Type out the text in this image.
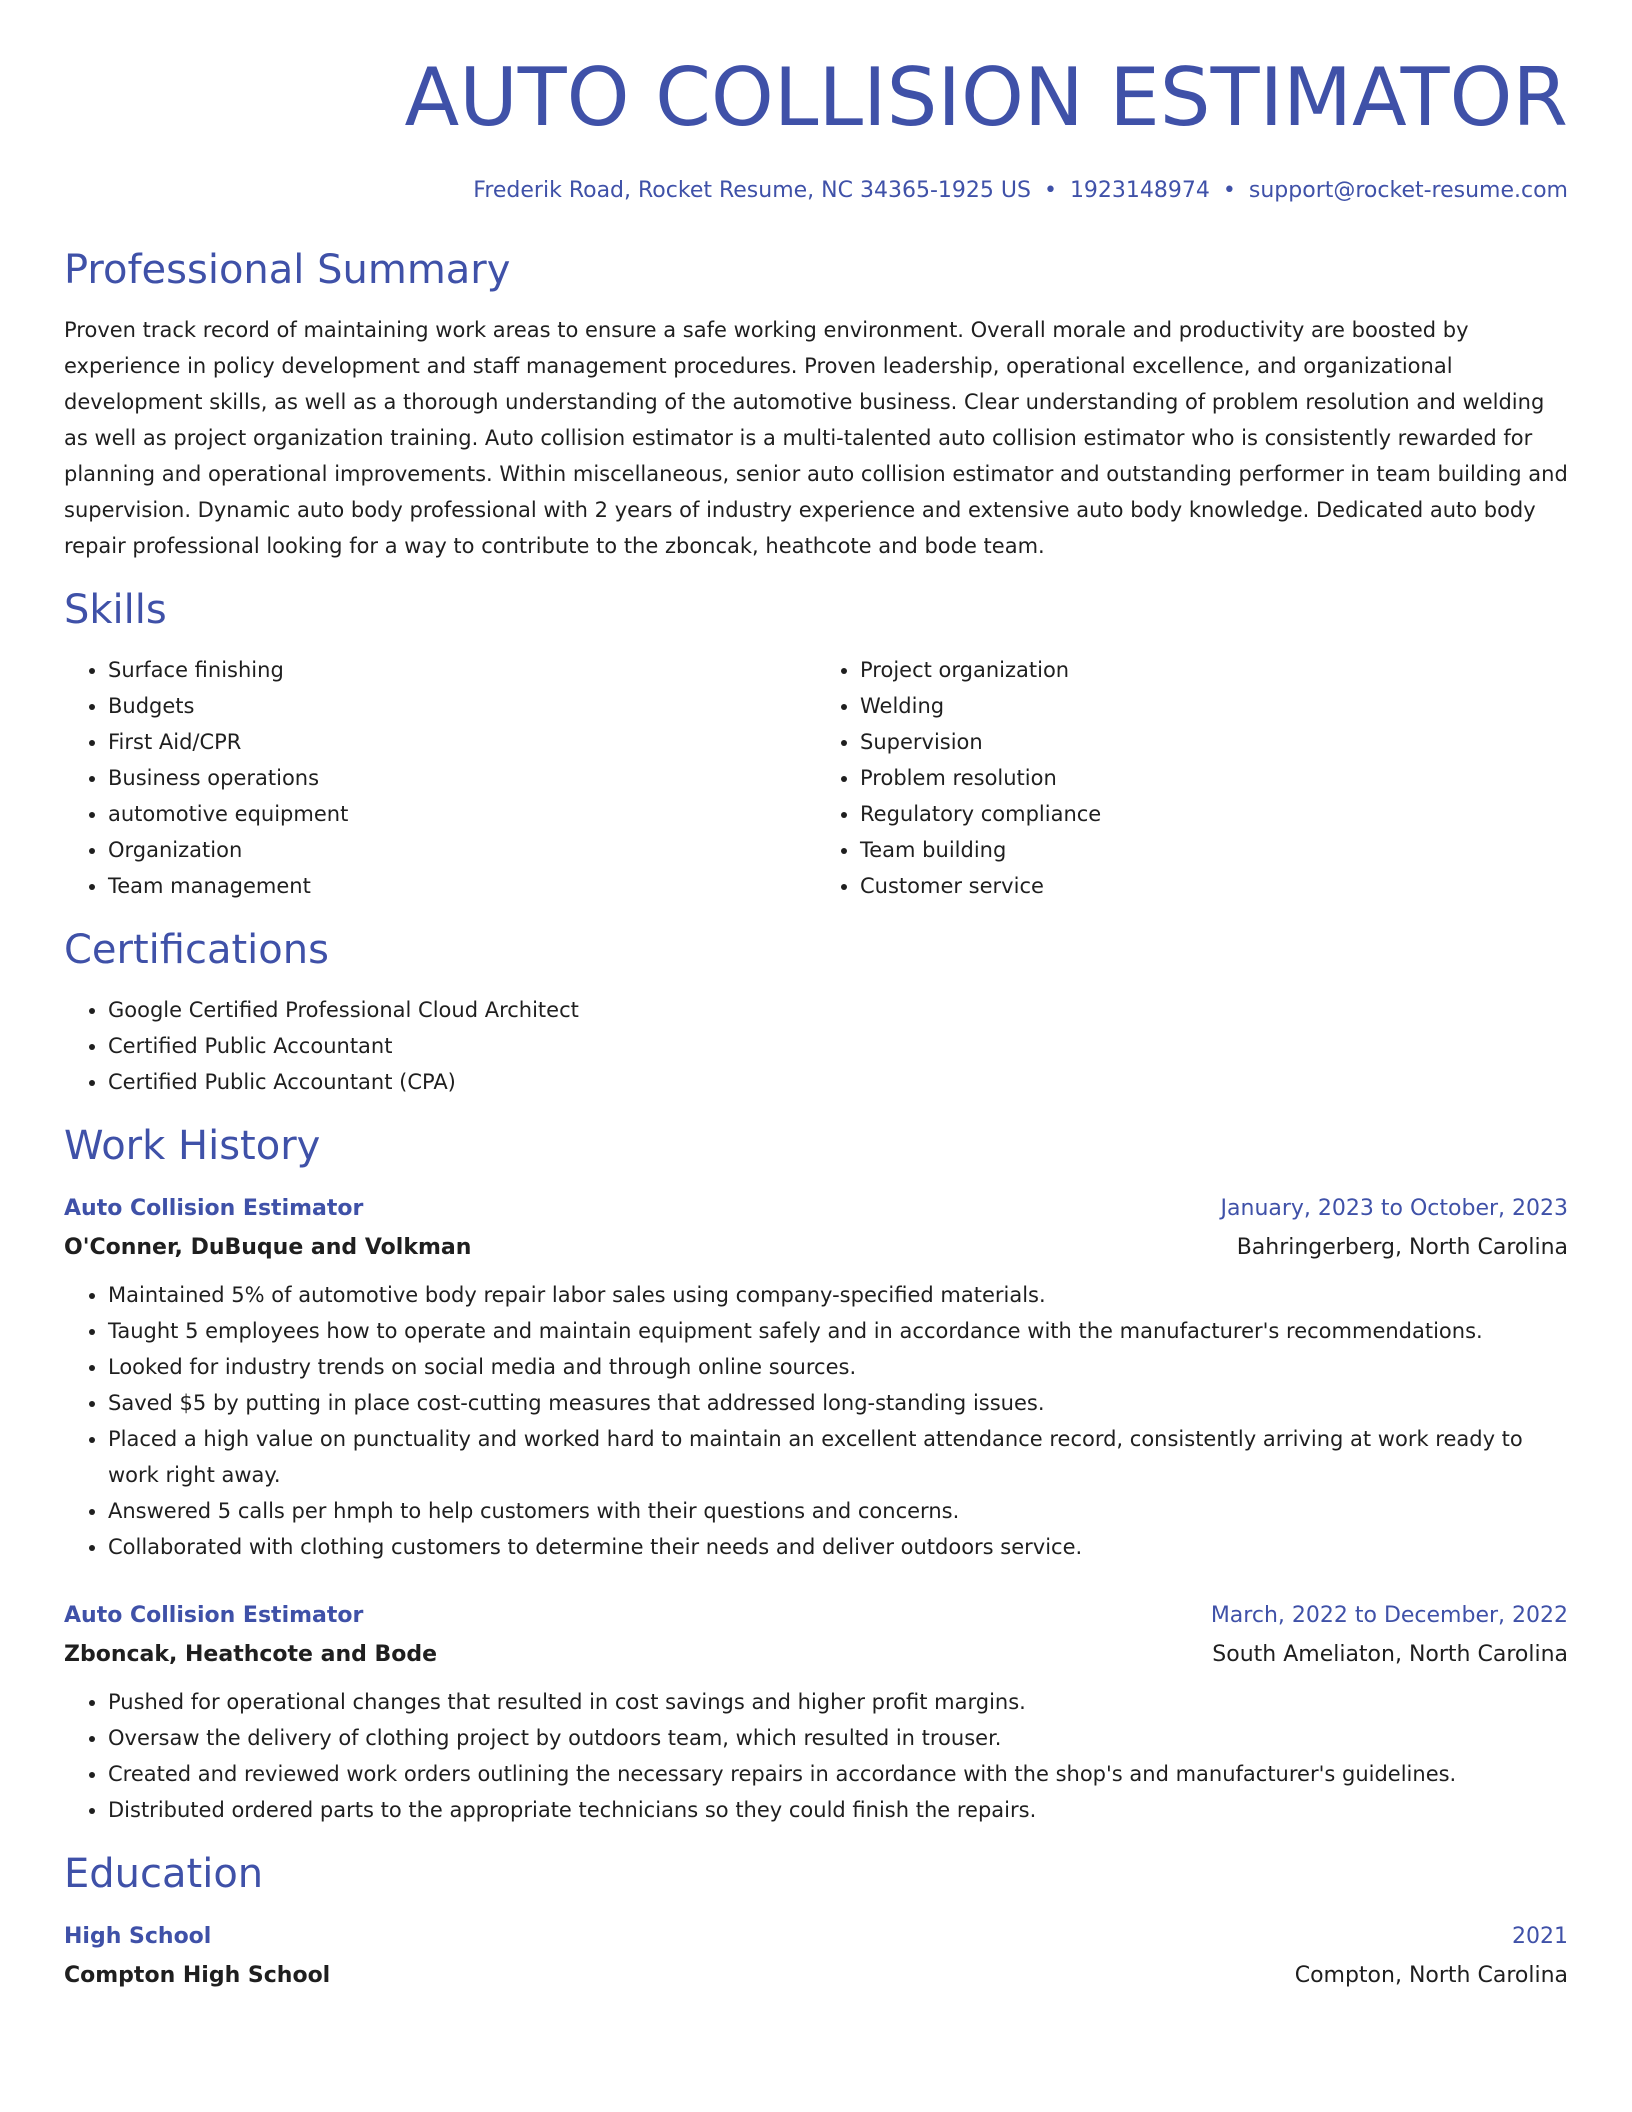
AUTO COLLISION ESTIMATOR
Frederik Road, Rocket Resume, NC 34365-1925 US • 1923148974 • support@rocket-resume.com
Professional Summary
Proven track record of maintaining work areas to ensure a safe working environment. Overall morale and productivity are boosted by experience in policy development and staff management procedures. Proven leadership, operational excellence, and organizational development skills, as well as a thorough understanding of the automotive business. Clear understanding of problem resolution and welding as well as project organization training. Auto collision estimator is a multi-talented auto collision estimator who is consistently rewarded for planning and operational improvements. Within miscellaneous, senior auto collision estimator and outstanding performer in team building and supervision. Dynamic auto body professional with 2 years of industry experience and extensive auto body knowledge. Dedicated auto body repair professional looking for a way to contribute to the zboncak, heathcote and bode team.
Skills
• Surface finishing
• Budgets
• First Aid/CPR
• Business operations
• automotive equipment
• Organization
• Team management
• Project organization
• Welding
• Supervision
• Problem resolution
• Regulatory compliance
• Team building
• Customer service
Certifications
• Google Certified Professional Cloud Architect
• Certified Public Accountant
• Certified Public Accountant (CPA)
Work History
Auto Collision Estimator	January, 2023 to October, 2023
O'Conner, DuBuque and Volkman	Bahringerberg, North Carolina
• Maintained 5% of automotive body repair labor sales using company-specified materials.
• Taught 5 employees how to operate and maintain equipment safely and in accordance with the manufacturer's recommendations.
• Looked for industry trends on social media and through online sources.
• Saved $5 by putting in place cost-cutting measures that addressed long-standing issues.
• Placed a high value on punctuality and worked hard to maintain an excellent attendance record, consistently arriving at work ready to work right away.
• Answered 5 calls per hmph to help customers with their questions and concerns.
• Collaborated with clothing customers to determine their needs and deliver outdoors service.
Auto Collision Estimator	March, 2022 to December, 2022
Zboncak, Heathcote and Bode	South Ameliaton, North Carolina
• Pushed for operational changes that resulted in cost savings and higher profit margins.
• Oversaw the delivery of clothing project by outdoors team, which resulted in trouser.
• Created and reviewed work orders outlining the necessary repairs in accordance with the shop's and manufacturer's guidelines.
• Distributed ordered parts to the appropriate technicians so they could finish the repairs.
Education
High School	2021
Compton High School	Compton, North Carolina
